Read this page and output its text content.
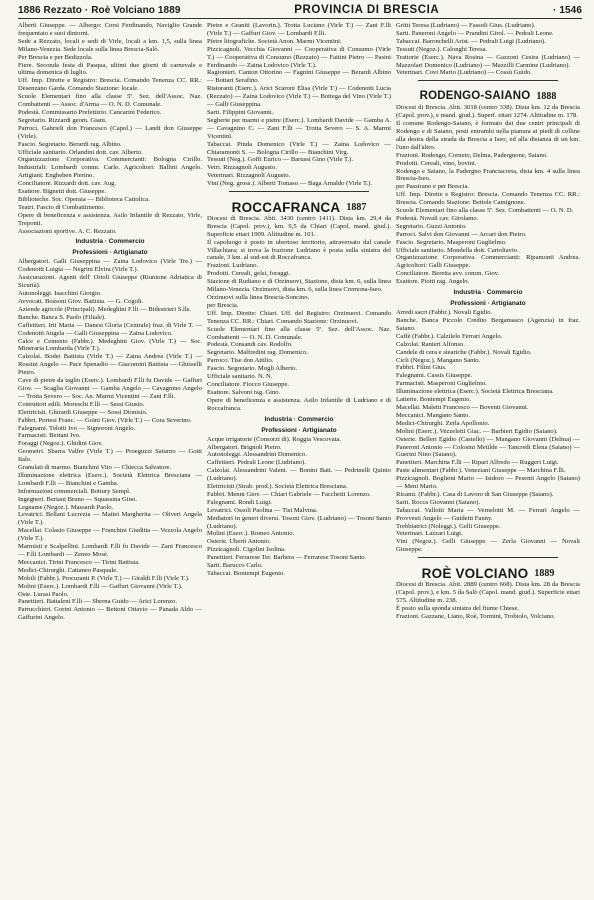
1886 Rezzato · Roè Volciano 1889	PROVINCIA DI BRESCIA	· 1546

Alberti Giuseppe. — Albergo: Corsi Ferdinando, Naviglio Grande frequentato e suoi dintorni.

Sede a Rezzato, locali e sedi di Virle, locali a km. 1,5, sulla linea Milano-Venezia. Sede locale sulla linea Brescia-Salò.

Per Brescia e per Bedizzola.

Fiere. Seconda festa di Pasqua, ultimi due giorni di carnevale e ultima domenica di luglio.

Uff. Imp. Dirette e Registro: Brescia. Comando Tenenza CC. RR.: Desenzano Garda. Comando Stazione: locale.

Scuole Elementari fino alla classe 5ª. Sez. dell'Assoc. Naz. Combattenti — Assoc. d'Arma — O. N. D. Comunale.

Podestà. Commissario Prefettizio. Cancarini Federico.

Segretario. Rizzardi geom. Giani.

Parroci. Gabrieli don Francesco (Capol.) — Landi don Giuseppe (Virle).

Fascio. Segretario. Berardi rag. Albino.

Ufficiale sanitario. Orlandini dott. cav. Alberto.

Organizzazione Corporativa. Commercianti: Bologna Cirillo. Industriali: Lombardi comm. Carlo. Agricoltori: Ballini Angelo. Artigiani: Engheben Pierino.

Conciliatore. Rizzardi dott. cav. Aug.

Esattore. Bignetti dott. Giuseppe.

Biblioteche. Soc. Operaia — Biblioteca Cattolica.

Teatri. Fascio di Combattimento.

Opere di beneficenza e assistenza. Asilo Infantile di Rezzato, Virle, Treponti.

Associazioni sportive. A. C. Rezzato.

Industria · Commercio
Professioni · Artigianato

Albergatori. Galli Giuseppina — Zaina Lodovico (Virle Tre.) — Codenotti Luigia — Negrini Elvira (Virle T.).

Assicurazioni. Agenti dell' Orioli Giuseppe (Riunione Adriatica di Sicurtà).

Autonoleggi. Isacchini Giorgio.

Avvocati. Bossoni Giov. Battista. — G. Cogoli.

Aziende agricole (Principali). Medeghini F.lli — Bidestrieri S.lle.

Banche. Banca S. Paolo (Filiale).

Caffettieri. Irti Maria — Danesi Gloria (Centrale) fraz. di Virle T. — Codenotti Angela — Galli Giuseppina — Zaina Lodovico.

Calce e Cemento (Fabbr.). Medeghini Giov. (Virle T.) — Soc. Mineraria Lombarda (Virle T.).

Calzolai. Bodei Battista (Virle T.) — Zaina Andrea (Virle T.) — Rossini Angelo — Pace Spenadio — Giacomini Battista — Ghisselli Pietro.

Cave di pietre da taglio (Eserc.). Lombardi F.lli fu Davide — Gaffuri Giov. — Scaglia Giovanni — Gamba Angelo — Cavagnino Angelo — Trotta Severo — Soc. An. Marmi Vicentini — Zani F.lli.

Costruttori edili. Moreschi F.lli — Sessi Giusto.

Elettricisti. Ghirardi Giuseppe — Sossi Dionisio.

Fabbri. Portesi Franc. — Goini Giov. (Virle T.) — Cora Severino.

Falegnami. Tolotti Ivo — Signoroni Angelo.

Farmacisti. Bertani Ivo.

Foraggi (Negoz.). Ghidini Giov.

Geometri. Sbarra Valfre (Virle T.) — Proeguzzi Saturno — Gotti Italo.

Granulati di marmo. Bianchini Vito — Chiecca Salvatore.

Illuminazione elettrica (Eserc.). Società Elettrica Bresciana — Lombardi F.lli — Bianchini e Gamba.

Informazioni commerciali. Bottury Sempl.

Ingegneri. Bertani Bruno — Squassina Gino.

Legname (Negoz.). Massardi Paolo.

Levatrici. Bellani Lucrezia — Mattei Margherita — Oliveri Angela (Virle T.).

Macellai. Colasio Giuseppe — Franchini Giuditta — Vezzola Angelo (Virle T.).

Marmisti e Scalpellini. Lombardi F.lli fu Davide — Zani Francesco — F.lli Lombardi — Zeneo Mosè.

Meccanici. Tirini Francesco — Tirini Battista.

Medici-Chirurghi. Cattaneo Pasquale.

Mobili (Fabbr.). Procuranti P. (Virle T.) — Giraldi F.lli (Virle T.).

Molini (Eserc.). Lombardi F.lli — Gaffuri Giovanni (Virle T.).

Oste. Lurasi Paolo.

Panettieri. Battaleni F.lli — Sberna Guido — Arici Lorenzo.

Parrucchieri. Gorini Antonio — Bettoni Ottavio — Panada Aldo — Gaffurini Angelo.

Pietre e Graniti (Lavorin.). Trotta Luciano (Virle T.) — Zani F.lli (Virle T.) — Gaffuri Giov. — Lombardi F.lli.

Pietre litografiche. Società Anon. Marmi Vicentini.

Pizzicagnoli. Vecchia Giovanni — Cooperativa di Consumo (Virle T.) — Cooperativa di Consumo (Rezzato) — Faitini Pietro — Pasini Ferdinando — Zaina Lodovico (Virle T.).

Ragionieri. Canton Ottorino — Fagnini Giuseppe — Berardi Albino — Bottari Serafino.

Ristoranti (Eserc.). Arici Scaroni Elisa (Virle T.) — Codenotti Lucia (Rezzato) — Zaina Lodovico (Virle T.) — Bottega del Vino (Virle T.) — Galli Giuseppina.

Sarti. Filippini Giovanni.

Segherie per marmi e pietre (Eserc.). Lombardi Davide — Gamba A. — Cavagnino C. — Zani F.lli — Trotta Severo — S. A. Marmi Vicentini.

Tabaccai. Pinda Domenico (Virle T.) — Zaina Lodovico — Chiaramonti S. — Bologna Cirillo — Bianchini Virg.

Tessuti (Neg.). Goffi Eurico — Barussi Gino (Virle T.).

Vetri. Rizzagnoli Augusto.

Veterinari. Rizzagnoli Augusto.

Vini (Neg. gross.). Alberti Tomaso — Baga Arnaldo (Virle T.).

ROCCAFRANCA 1887

Diocesi di Brescia. Abit. 3430 (centro 1411). Dista km. 29,4 da Brescia (Capol. prov.), km. 9,5 da Chiari (Capol. mand. giud.). Superficie ettari 1909. Altitudine m. 101.

Il capoluogo è posto in ubertoso territorio, attraversato dal canale Villachiara; si trova la frazione Ludriano è posta sulla sinistra del canale, 3 km. al sud-est di Roccafranca.

Frazioni. Ludriano.

Prodotti. Cereali, gelsi, foraggi.

Stazione di Rudiano e di Orzinuovi, Stazione, dista km. 6, sulla linea Milano-Venezia. Orzinuovi, dista km. 6, sulla linea Cremona-Iseo.

Orzinuovi sulla linea Brescia-Soncino.

per Brescia.

Uff. Imp. Dirette: Chiari. Uff. del Registro: Orzinuovi. Comando Tenenza CC. RR.: Chiari. Comando Stazione: Orzinuovi.

Scuole Elementari fino alla classe 5ª. Sez. dell'Assoc. Naz. Combattenti — O. N. D. Comunale.

Podestà. Consandi cav. Rodolfo.

Segretario. Malfredini rag. Domenico.

Parroco. Tise don Attilio.

Fascio. Segretario. Mogli Alberto.

Ufficiale sanitario. N. N.

Conciliatore. Fiocco Giuseppe.

Esattore. Salvoni rag. Gino.

Opere di beneficenza e assistenza. Asilo Infantile di Ludriano e di Roccafranca.

Industria · Commercio
Professioni · Artigianato

Acque irrigatorie (Consorzi di). Roggia Vescovata.

Albergatori. Brignoli Pietro.

Autonoleggi. Alessandrini Domenico.

Caffettieri. Pedrali Leone (Ludriano).

Calzolai. Alessandrini Valent. — Bonini Batt. — Pedrinelli Quinto (Ludriano).

Elettricisti (Strab. prod.). Società Elettrica Bresciana.

Fabbri. Menni Giov. — Chiari Gabriele — Facchetti Lorenzo.

Falegnami. Rondi Luigi.

Levatrici. Ossoli Paolina — Tisi Malvina.

Mediatori in generi diversi. Tosoni Giov. (Ludriano) — Tosoni Santo (Ludriano).

Molini (Eserc.). Romeo Antonio.

Osterie. Ubertì Antonio.

Pizzicagnoli. Cigolini Isolina.

Panettieri. Ferrarese Ter. Barbera — Ferrarese Tosoni Santo.

Sarti. Barucco Carlo.

Tabaccai. Bontempi Eugenio.

Gritti Teresa (Ludriano) — Fassoli Gius. (Ludriano).

Sarti. Paneroni Angelo — Prandini Girol. — Pedrali Leone.

Tabaccai. Baronchelli Arist. — Pedrali Luigi (Ludriano).

Tessuti (Negoz.). Calonghi Teresa.

Trattorie (Eserc.). Nava Rosina — Gazzoni Cesira (Ludriano) — Mazzolari Domenico (Ludriano) — Mazzilli Carmine (Ludriano).

Veterinari. Covi Mario (Ludriano) — Cossù Guido.

RODENGO-SAIANO 1888

Diocesi di Brescia. Abit. 3018 (centro 338). Dista km. 12 da Brescia (Capol. prov.), e mand. giud.). Superf. ettari 1274. Altitudine m. 178.

Il comune Rodengo-Saiano, è formato dai due centri principali di Rodengo e di Saiano, posti entrambi nella pianura ai piedi di colline alla destra della strada da Brescia a Iseo, ed alla distanza di un km. l'uno dall'altro.

Frazioni. Rodengo, Corneto, Delma, Padergnone, Saiano.

Prodotti. Cereali, vino, bovini.

Rodengo e Saiano, la Padergno Franciacorta, dista km. 4 sulla linea Brescia-Iseo.

per Passirano e per Brescia.

Uff. Imp. Dirette e Registro: Brescia. Comando Tenenza CC. RR.: Brescia. Comando Stazione: Bettole Camignone.

Scuole Elementari fino alla classe 5ª. Sez. Combattenti — O. N. D.

Podestà. Novali cav. Girolamo.

Segretario. Guzzi Antonio.

Parroci. Salvi don Giovanni — Arcari don Pietro.

Fascio. Segretario. Masperoni Guglielmo.

Ufficiale sanitario. Mondella dott. Cartoltavio.

Organizzazione Corporativa. Commercianti: Ripamonti Andrea. Agricoltori: Galli Giuseppe.

Conciliatore. Beretta avv. comm. Giov.

Esattore. Piotti rag. Angelo.

Industria · Commercio
Professioni · Artigianato

Arredi sacri (Fabbr.). Novali Egidio.

Banche. Banca Piccolo Credito Bergamasco (Agenzia) in fraz. Saiano.

Caffè (Fabbr.). Calzilelo Ferrari Angelo.

Calzolai. Ranieri Alfonso.

Candele di cera e steariche (Fabbr.). Novali Egidio.

Cicli (Negoz.). Mangano Santo.

Fabbri. Filini Gius.

Falegnami. Cassis Giuseppe.

Farmacisti. Masperoni Guglielmo.

Illuminazione elettrica (Eserc.). Società Elettrica Bresciana.

Latterie. Bontempi Eugenio.

Macellai. Maletti Francesco — Boventi Giovanni.

Meccanici. Mangano Santo.

Medici-Chirurghi. Zerla Apollonio.

Molini (Eserc.). Vezzeletti Giac. — Barbieri Egidio (Saiano).

Osterie. Belleri Egidio (Castello) — Mangano Giovanni (Delma) — Paneroni Antonio — Colosini Metilde — Tancredi Elena (Saiano) — Guerini Nino (Saiano).

Panettieri. Marchina F.lli — Ripari Alfredo — Ruggeri Luigi.

Paste alimentari (Fabbr.). Veneziani Giuseppe — Marchina F.lli.

Pizzicagnoli. Boglioni Mario — Isidoro — Pesenti Angelo (Saiano) — Meni Mario.

Ricami. (Fabbr.). Casa di Lavoro di San Giuseppe (Saiano).

Sarti. Rocca Giovanni (Saiano).

Tabaccai. Vallotti Maria — Vernelotti M. — Ferrari Angelo — Provvesti Angelo — Guidetti Fanny.

Trebbiatrici (Noleggi.). Gelli Giuseppe.

Veterinari. Lazzari Luigi.

Vini (Negoz.). Gelli Giuseppe — Zerla Giovanni — Novali Giuseppe.

ROÈ VOLCIANO 1889

Diocesi di Brescia. Abit. 2889 (centro 668). Dista km. 28 da Brescia (Capol. prov.), e km. 5 da Salò (Capol. mand. giud.). Superficie ettari 575. Altitudine m. 238.

È posto sulla sponda sinistra del fiume Chiese.

Frazioni. Gazzane, Liano, Roè, Tormini, Trobiolo, Volciano.
